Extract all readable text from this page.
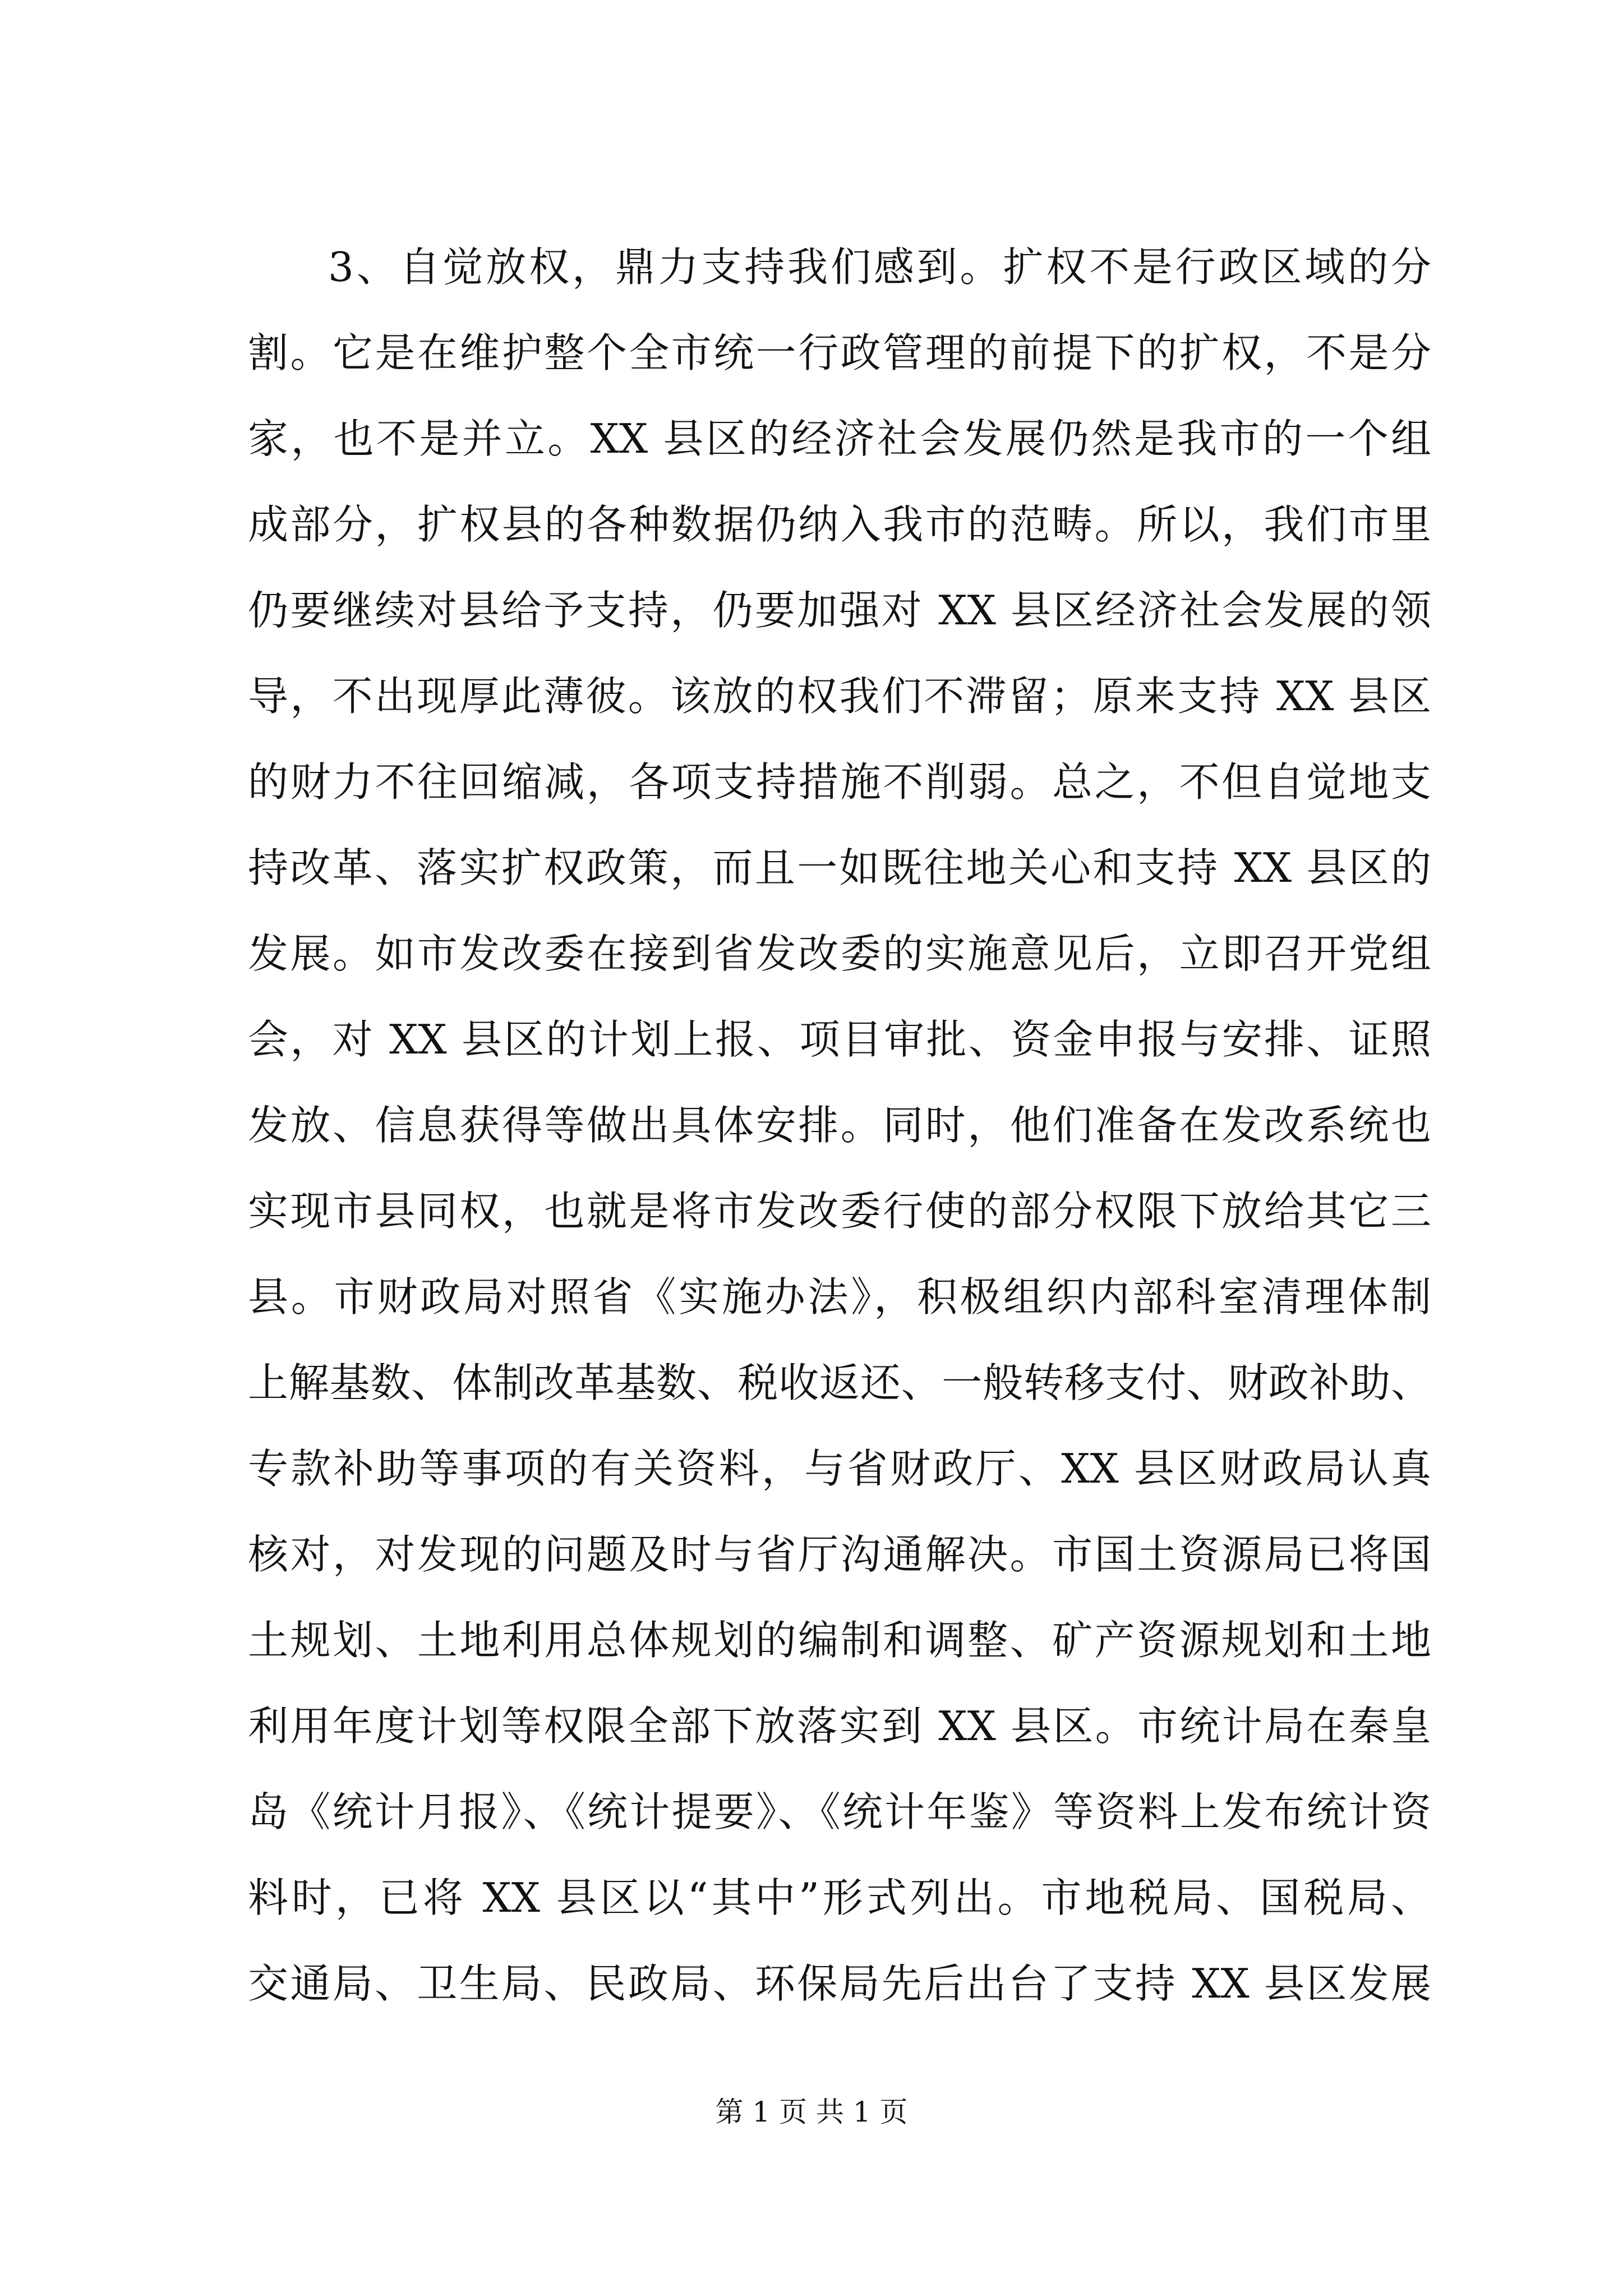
3、自觉放权，鼎力支持我们感到。扩权不是行政区域的分
割。它是在维护整个全市统一行政管理的前提下的扩权，不是分
家，也不是并立。XX 县区的经济社会发展仍然是我市的一个组
成部分，扩权县的各种数据仍纳入我市的范畴。所以，我们市里
仍要继续对县给予支持，仍要加强对 XX 县区经济社会发展的领
导，不出现厚此薄彼。该放的权我们不滞留；原来支持 XX 县区
的财力不往回缩减，各项支持措施不削弱。总之，不但自觉地支
持改革、落实扩权政策，而且一如既往地关心和支持 XX 县区的
发展。如市发改委在接到省发改委的实施意见后，立即召开党组
会，对 XX 县区的计划上报、项目审批、资金申报与安排、证照
发放、信息获得等做出具体安排。同时，他们准备在发改系统也
实现市县同权，也就是将市发改委行使的部分权限下放给其它三
县。市财政局对照省《实施办法》，积极组织内部科室清理体制
上解基数、体制改革基数、税收返还、一般转移支付、财政补助、
专款补助等事项的有关资料，与省财政厅、XX 县区财政局认真
核对，对发现的问题及时与省厅沟通解决。市国土资源局已将国
土规划、土地利用总体规划的编制和调整、矿产资源规划和土地
利用年度计划等权限全部下放落实到 XX 县区。市统计局在秦皇
岛《统计月报》、《统计提要》、《统计年鉴》等资料上发布统计资
料时，已将 XX 县区以“其中”形式列出。市地税局、国税局、
交通局、卫生局、民政局、环保局先后出台了支持 XX 县区发展
第 1 页 共 1 页
